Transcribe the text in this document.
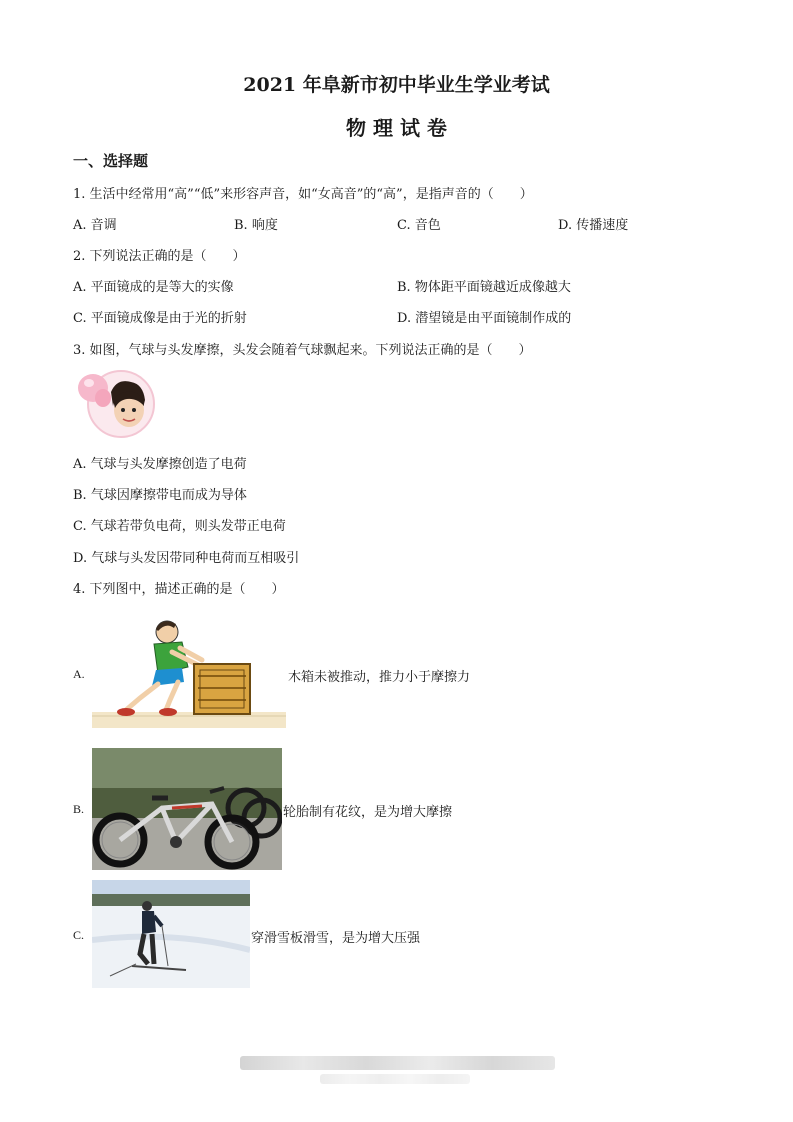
2021 年阜新市初中毕业生学业考试
物 理 试 卷
一、选择题
1. 生活中经常用“高”“低”来形容声音，如“女高音”的“高”，是指声音的（　　）
A. 音调	B. 响度	C. 音色	D. 传播速度
2. 下列说法正确的是（　　）
A. 平面镜成的是等大的实像	B. 物体距平面镜越近成像越大
C. 平面镜成像是由于光的折射	D. 潜望镜是由平面镜制作成的
3. 如图，气球与头发摩擦，头发会随着气球飘起来。下列说法正确的是（　　）
A. 气球与头发摩擦创造了电荷
B. 气球因摩擦带电而成为导体
C. 气球若带负电荷，则头发带正电荷
D. 气球与头发因带同种电荷而互相吸引
4. 下列图中，描述正确的是（　　）
A.	木箱未被推动，推力小于摩擦力
B.	轮胎制有花纹，是为增大摩擦
C.	穿滑雪板滑雪，是为增大压强
